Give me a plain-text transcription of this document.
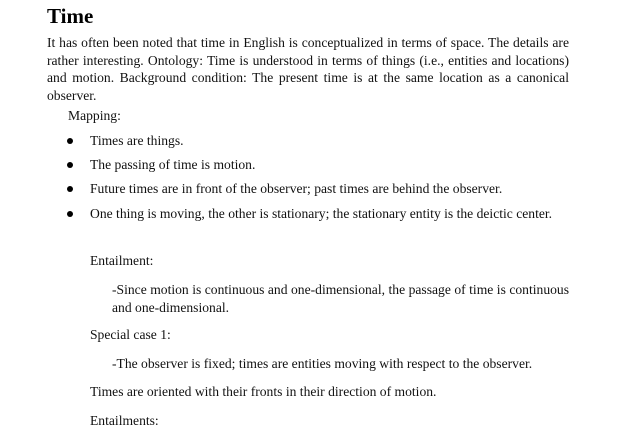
Time

It has often been noted that time in English is conceptualized in terms of space. The details are rather interesting. Ontology: Time is understood in terms of things (i.e., entities and locations) and motion. Background condition: The present time is at the same location as a canonical observer.

Mapping:

Times are things.
The passing of time is motion.
Future times are in front of the observer; past times are behind the observer.
One thing is moving, the other is stationary; the stationary entity is the deictic center.

Entailment:

-Since motion is continuous and one-dimensional, the passage of time is continuous and one-dimensional.

Special case 1:

-The observer is fixed; times are entities moving with respect to the observer.

Times are oriented with their fronts in their direction of motion.

Entailments:
